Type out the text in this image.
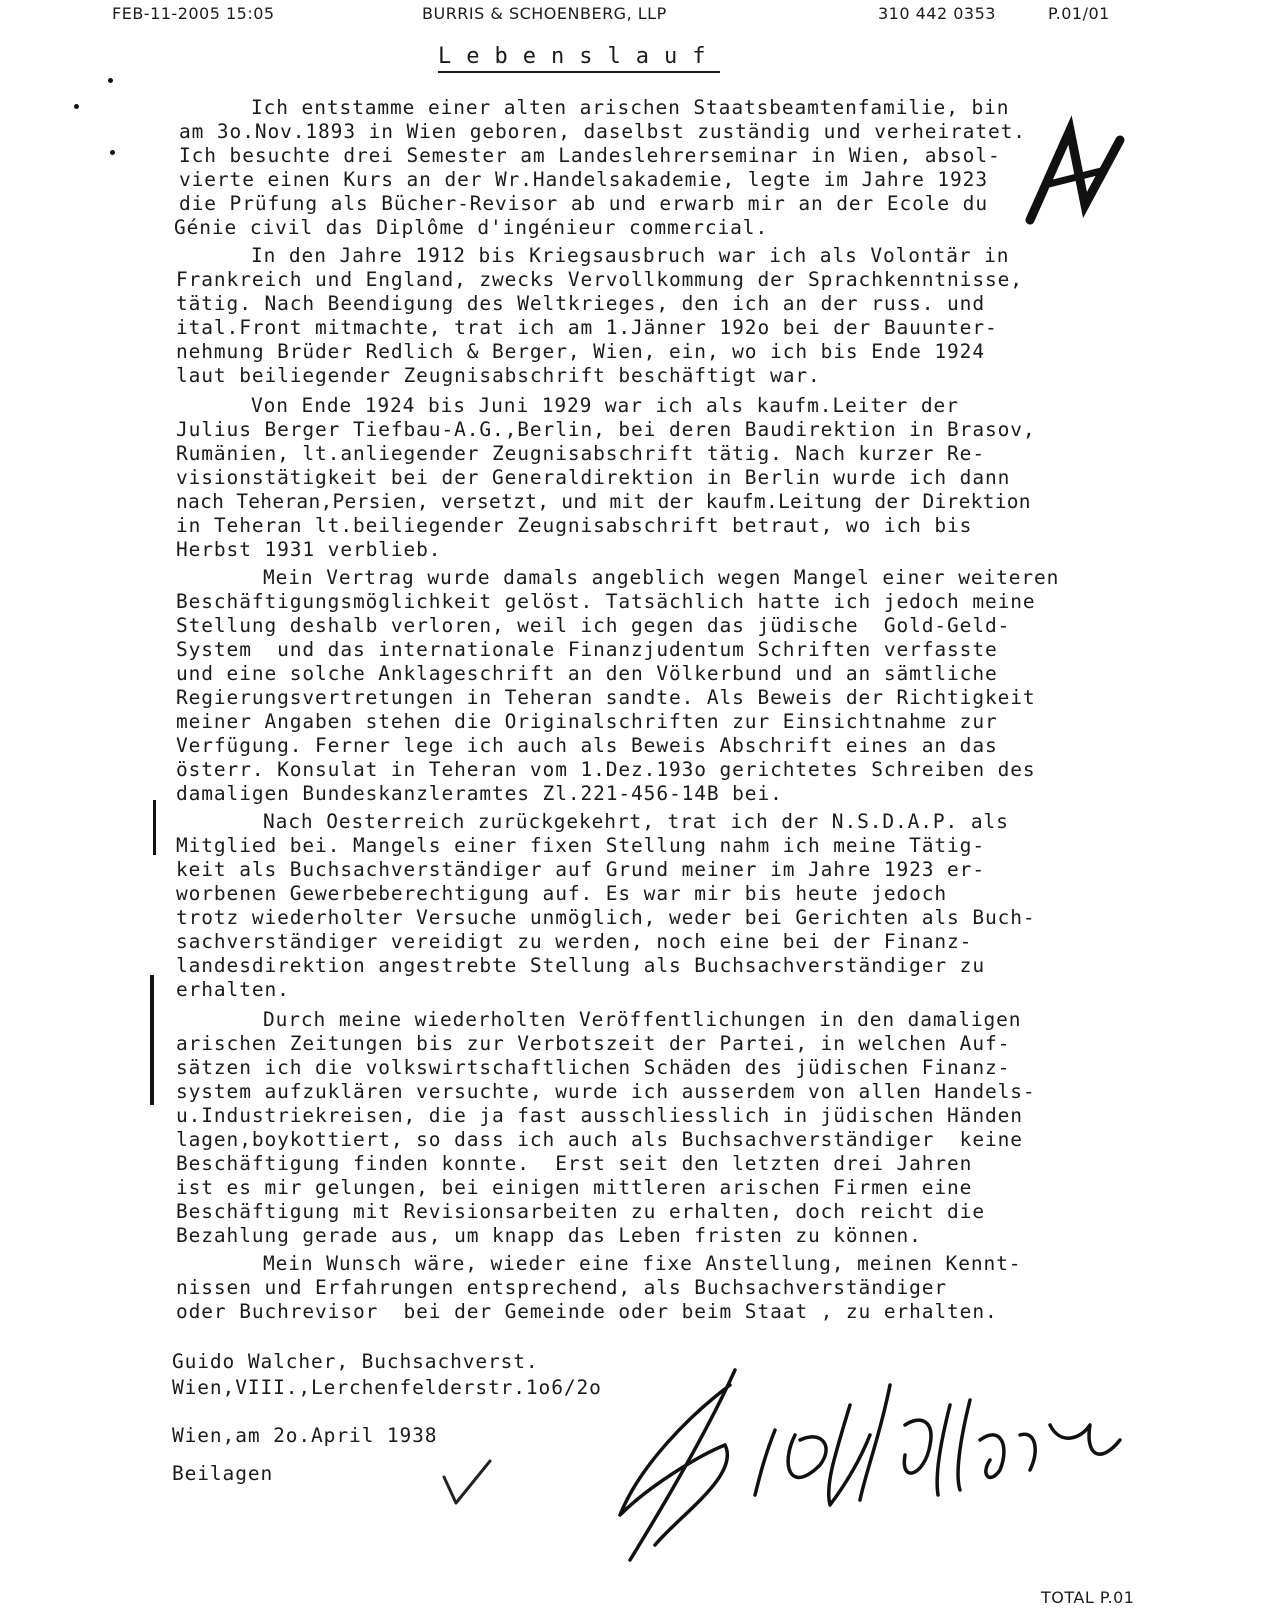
FEB-11-2005 15:05	BURRIS & SCHOENBERG, LLP	310 442 0353	P.01/01
Lebenslauf
Ich entstamme einer alten arischen Staatsbeamtenfamilie, bin
am 3o.Nov.1893 in Wien geboren, daselbst zuständig und verheiratet.
Ich besuchte drei Semester am Landeslehrerseminar in Wien, absol-
vierte einen Kurs an der Wr.Handelsakademie, legte im Jahre 1923
die Prüfung als Bücher-Revisor ab und erwarb mir an der Ecole du
Génie civil das Diplôme d'ingénieur commercial.
In den Jahre 1912 bis Kriegsausbruch war ich als Volontär in
Frankreich und England, zwecks Vervollkommung der Sprachkenntnisse,
tätig. Nach Beendigung des Weltkrieges, den ich an der russ. und
ital.Front mitmachte, trat ich am 1.Jänner 192o bei der Bauunter-
nehmung Brüder Redlich & Berger, Wien, ein, wo ich bis Ende 1924
laut beiliegender Zeugnisabschrift beschäftigt war.
Von Ende 1924 bis Juni 1929 war ich als kaufm.Leiter der
Julius Berger Tiefbau-A.G.,Berlin, bei deren Baudirektion in Brasov,
Rumänien, lt.anliegender Zeugnisabschrift tätig. Nach kurzer Re-
visionstätigkeit bei der Generaldirektion in Berlin wurde ich dann
nach Teheran,Persien, versetzt, und mit der kaufm.Leitung der Direktion
in Teheran lt.beiliegender Zeugnisabschrift betraut, wo ich bis
Herbst 1931 verblieb.
Mein Vertrag wurde damals angeblich wegen Mangel einer weiteren
Beschäftigungsmöglichkeit gelöst. Tatsächlich hatte ich jedoch meine
Stellung deshalb verloren, weil ich gegen das jüdische  Gold-Geld-
System  und das internationale Finanzjudentum Schriften verfasste
und eine solche Anklageschrift an den Völkerbund und an sämtliche
Regierungsvertretungen in Teheran sandte. Als Beweis der Richtigkeit
meiner Angaben stehen die Originalschriften zur Einsichtnahme zur
Verfügung. Ferner lege ich auch als Beweis Abschrift eines an das
österr. Konsulat in Teheran vom 1.Dez.193o gerichtetes Schreiben des
damaligen Bundeskanzleramtes Zl.221-456-14B bei.
Nach Oesterreich zurückgekehrt, trat ich der N.S.D.A.P. als
Mitglied bei. Mangels einer fixen Stellung nahm ich meine Tätig-
keit als Buchsachverständiger auf Grund meiner im Jahre 1923 er-
worbenen Gewerbeberechtigung auf. Es war mir bis heute jedoch
trotz wiederholter Versuche unmöglich, weder bei Gerichten als Buch-
sachverständiger vereidigt zu werden, noch eine bei der Finanz-
landesdirektion angestrebte Stellung als Buchsachverständiger zu
erhalten.
Durch meine wiederholten Veröffentlichungen in den damaligen
arischen Zeitungen bis zur Verbotszeit der Partei, in welchen Auf-
sätzen ich die volkswirtschaftlichen Schäden des jüdischen Finanz-
system aufzuklären versuchte, wurde ich ausserdem von allen Handels-
u.Industriekreisen, die ja fast ausschliesslich in jüdischen Händen
lagen,boykottiert, so dass ich auch als Buchsachverständiger  keine
Beschäftigung finden konnte.  Erst seit den letzten drei Jahren
ist es mir gelungen, bei einigen mittleren arischen Firmen eine
Beschäftigung mit Revisionsarbeiten zu erhalten, doch reicht die
Bezahlung gerade aus, um knapp das Leben fristen zu können.
Mein Wunsch wäre, wieder eine fixe Anstellung, meinen Kennt-
nissen und Erfahrungen entsprechend, als Buchsachverständiger
oder Buchrevisor  bei der Gemeinde oder beim Staat , zu erhalten.
Guido Walcher, Buchsachverst.
Wien,VIII.,Lerchenfelderstr.1o6/2o
Wien,am 2o.April 1938
Beilagen
TOTAL P.01
